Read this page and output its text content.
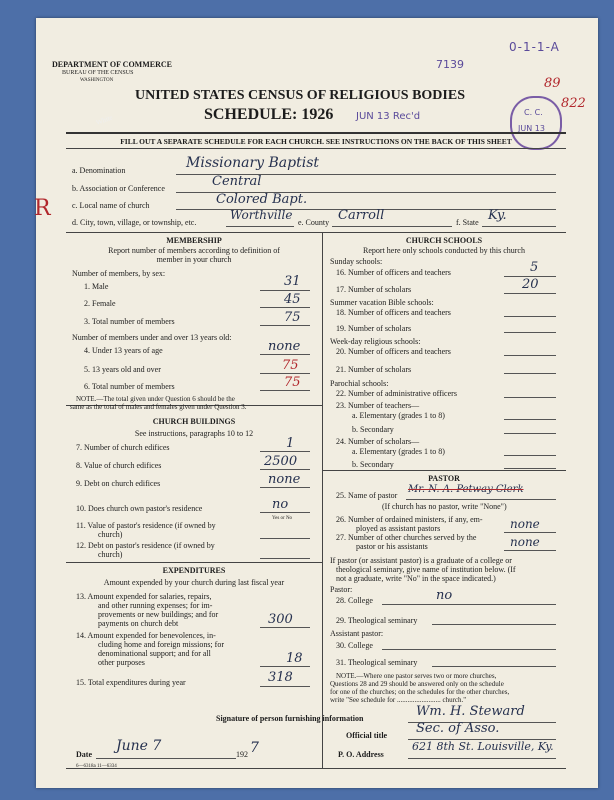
DEPARTMENT OF COMMERCE
BUREAU OF THE CENSUS
WASHINGTON
7139
0-1-1-A
White
UNITED STATES CENSUS OF RELIGIOUS BODIES
SCHEDULE: 1926 JUN 13 Rec'd
89
822
C. C.
JUN 13
R
FILL OUT A SEPARATE SCHEDULE FOR EACH CHURCH. SEE INSTRUCTIONS ON THE BACK OF THIS SHEET
a. Denomination	Missionary Baptist
b. Association or Conference	Central
c. Local name of church	Colored Bapt.
d. City, town, village, or township, etc.
Worthville
e. County Carroll	f. State Ky.
MEMBERSHIP
Report number of members according to definition of
member in your church
Number of members, by sex:
1. Male	31
2. Female	45
3. Total number of members	75
Number of members under and over 13 years old:
4. Under 13 years of age	none
5. 13 years old and over	75
6. Total number of members	75
NOTE.—The total given under Question 6 should be the
same as the total of males and females given under Question 3.
CHURCH BUILDINGS
See instructions, paragraphs 10 to 12
7. Number of church edifices	1
8. Value of church edifices	2500
9. Debt on church edifices	none
10. Does church own pastor's residence	no
Yes or No
11. Value of pastor's residence (if owned by
church)
12. Debt on pastor's residence (if owned by
church)
EXPENDITURES
Amount expended by your church during last fiscal year
13. Amount expended for salaries, repairs,
and other running expenses; for im-
provements or new buildings; and for
payments on church debt	300
14. Amount expended for benevolences, in-
cluding home and foreign missions; for
denominational support; and for all
other purposes	18
15. Total expenditures during year	318
CHURCH SCHOOLS
Report here only schools conducted by this church
Sunday schools:
16. Number of officers and teachers	5
17. Number of scholars	20
Summer vacation Bible schools:
18. Number of officers and teachers
19. Number of scholars
Week-day religious schools:
20. Number of officers and teachers
21. Number of scholars
Parochial schools:
22. Number of administrative officers
23. Number of teachers—
a. Elementary (grades 1 to 8)
b. Secondary
24. Number of scholars—
a. Elementary (grades 1 to 8)
b. Secondary
PASTOR
25. Name of pastor
Mr. N. A. Petway Clerk
(If church has no pastor, write "None")
26. Number of ordained ministers, if any, em-
ployed as assistant pastors	none
27. Number of other churches served by the
pastor or his assistants	none
If pastor (or assistant pastor) is a graduate of a college or
theological seminary, give name of institution below. (If
not a graduate, write "No" in the space indicated.)
Pastor:
28. College	no
29. Theological seminary
Assistant pastor:
30. College
31. Theological seminary
NOTE.—Where one pastor serves two or more churches,
Questions 28 and 29 should be answered only on the schedule
for one of the churches; on the schedules for the other churches,
write "See schedule for ......................... church."
Signature of person furnishing information	Wm. H. Steward
Official title Sec. of Asso.
Date
June 7
192 7	P. O. Address
621 8th St. Louisville, Ky.
6—6318a 11—6334
